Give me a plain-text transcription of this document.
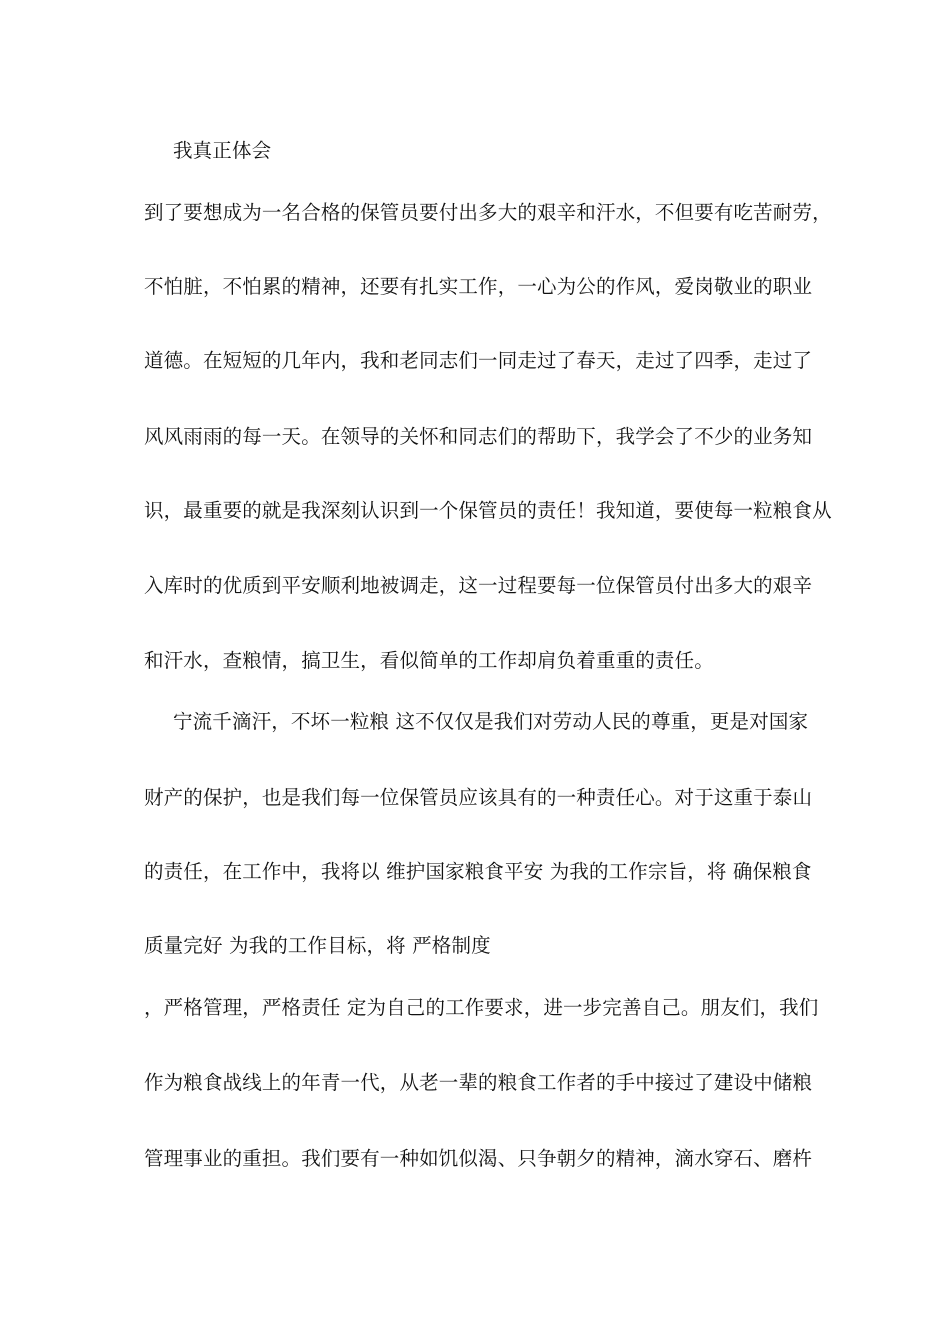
我真正体会
到了要想成为一名合格的保管员要付出多大的艰辛和汗水，不但要有吃苦耐劳，
不怕脏，不怕累的精神，还要有扎实工作，一心为公的作风，爱岗敬业的职业
道德。在短短的几年内，我和老同志们一同走过了春天，走过了四季，走过了
风风雨雨的每一天。在领导的关怀和同志们的帮助下，我学会了不少的业务知
识，最重要的就是我深刻认识到一个保管员的责任！我知道，要使每一粒粮食从
入库时的优质到平安顺利地被调走，这一过程要每一位保管员付出多大的艰辛
和汗水，查粮情，搞卫生，看似简单的工作却肩负着重重的责任。
宁流千滴汗，不坏一粒粮 这不仅仅是我们对劳动人民的尊重，更是对国家
财产的保护，也是我们每一位保管员应该具有的一种责任心。对于这重于泰山
的责任，在工作中，我将以 维护国家粮食平安 为我的工作宗旨，将 确保粮食
质量完好 为我的工作目标，将 严格制度
，严格管理，严格责任 定为自己的工作要求，进一步完善自己。朋友们，我们
作为粮食战线上的年青一代，从老一辈的粮食工作者的手中接过了建设中储粮
管理事业的重担。我们要有一种如饥似渴、只争朝夕的精神，滴水穿石、磨杵
